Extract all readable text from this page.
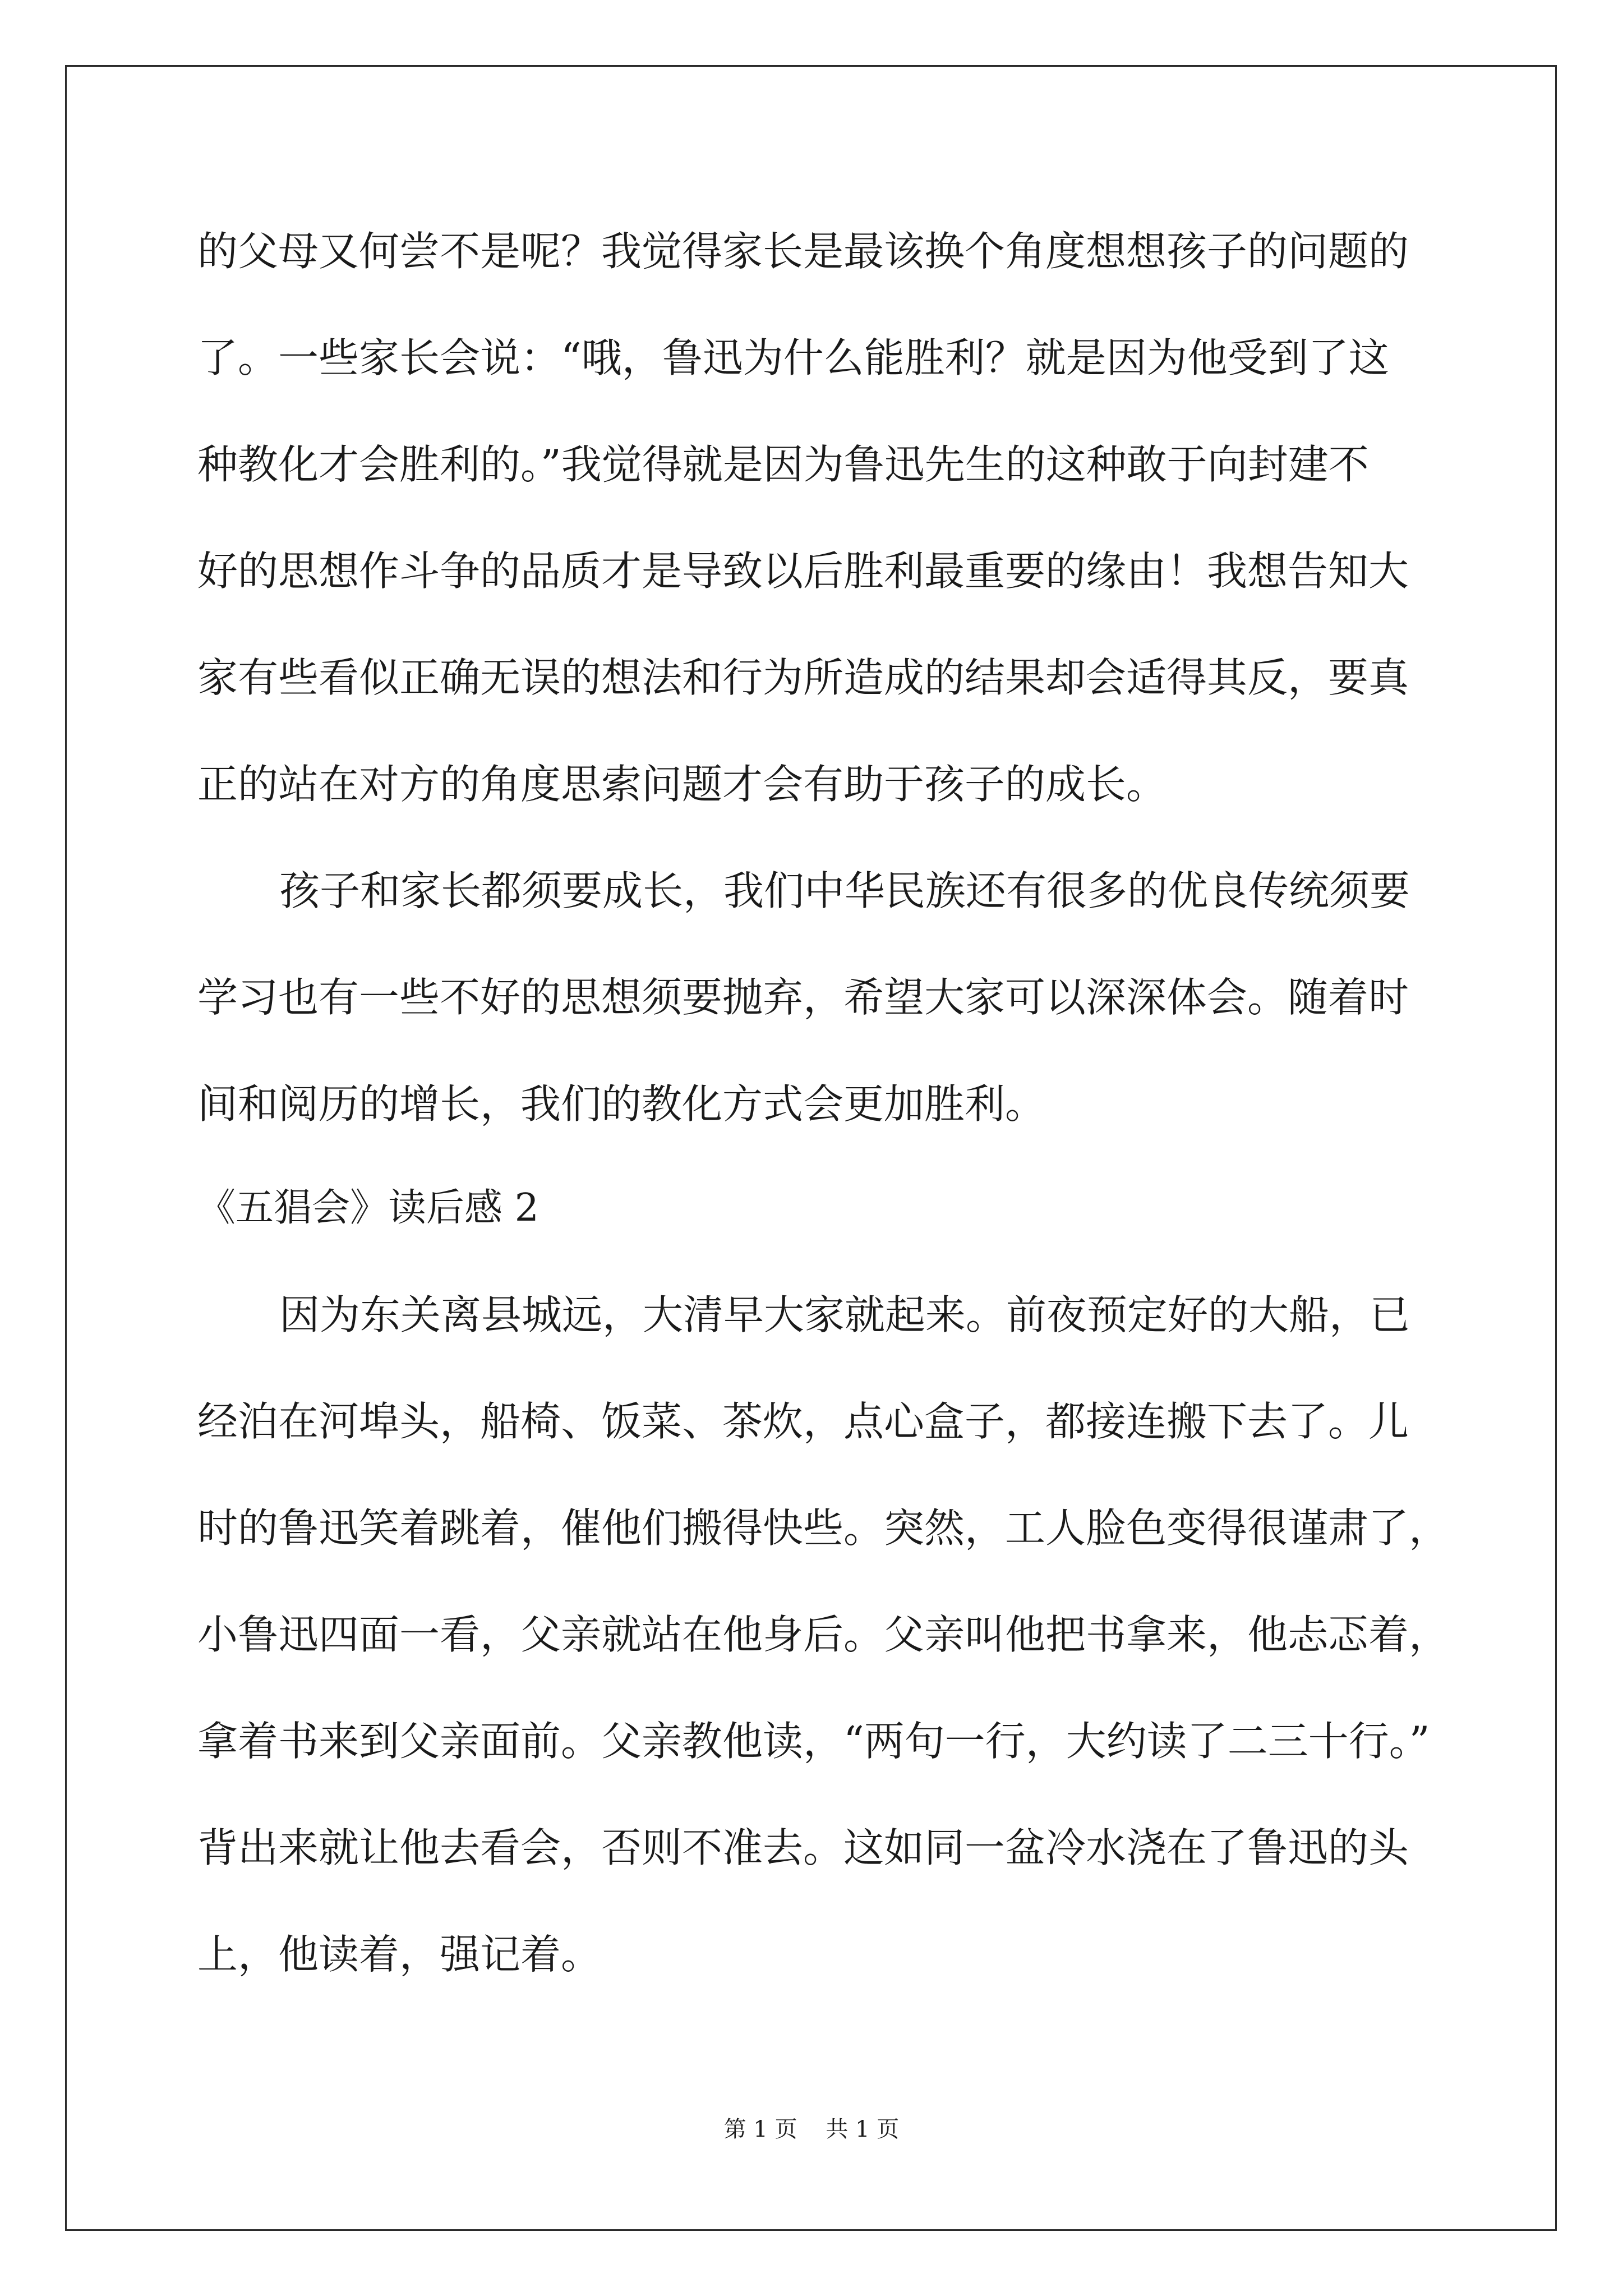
的父母又何尝不是呢？我觉得家长是最该换个角度想想孩子的问题的
了。一些家长会说：“哦，鲁迅为什么能胜利？就是因为他受到了这
种教化才会胜利的。”我觉得就是因为鲁迅先生的这种敢于向封建不
好的思想作斗争的品质才是导致以后胜利最重要的缘由！我想告知大
家有些看似正确无误的想法和行为所造成的结果却会适得其反，要真
正的站在对方的角度思索问题才会有助于孩子的成长。
孩子和家长都须要成长，我们中华民族还有很多的优良传统须要
学习也有一些不好的思想须要抛弃，希望大家可以深深体会。随着时
间和阅历的增长，我们的教化方式会更加胜利。
《五猖会》读后感 2
因为东关离县城远，大清早大家就起来。前夜预定好的大船，已
经泊在河埠头，船椅、饭菜、茶炊，点心盒子，都接连搬下去了。儿
时的鲁迅笑着跳着，催他们搬得快些。突然，工人脸色变得很谨肃了，
小鲁迅四面一看，父亲就站在他身后。父亲叫他把书拿来，他忐忑着，
拿着书来到父亲面前。父亲教他读，“两句一行，大约读了二三十行。”
背出来就让他去看会，否则不准去。这如同一盆冷水浇在了鲁迅的头
上，他读着，强记着。
第 1 页    共 1 页
